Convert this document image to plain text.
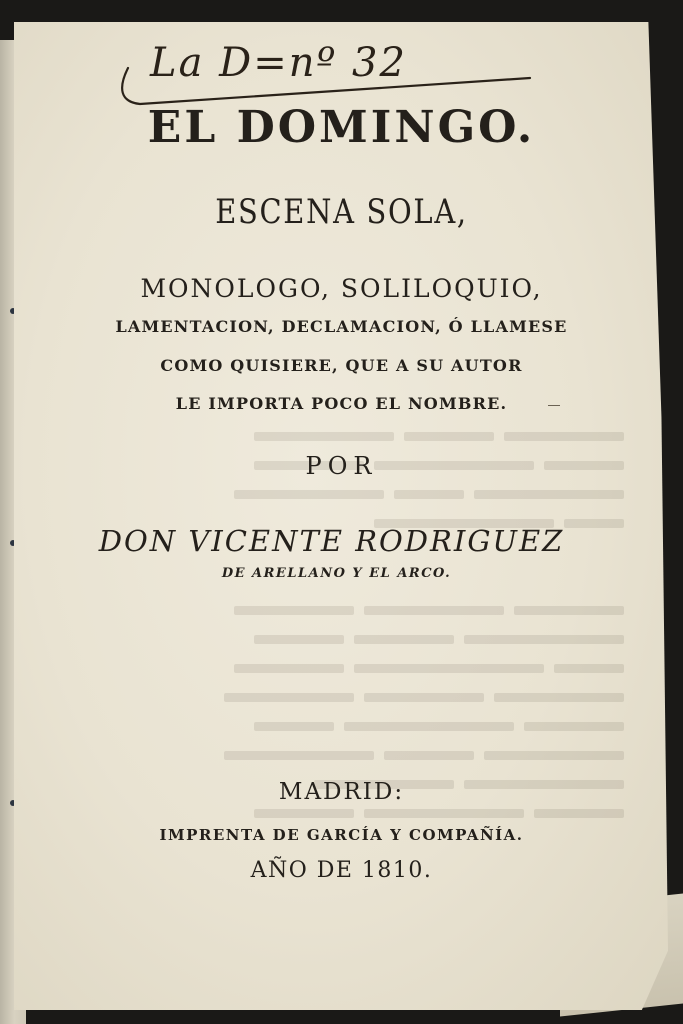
La D=nº 32
EL DOMINGO.
ESCENA SOLA,
MONOLOGO, SOLILOQUIO,
LAMENTACION, DECLAMACION, Ó LLAMESE
COMO QUISIERE, QUE A SU AUTOR
LE IMPORTA POCO EL NOMBRE.
POR
DON VICENTE RODRIGUEZ
DE ARELLANO Y EL ARCO.
MADRID:
IMPRENTA DE GARCÍA Y COMPAÑÍA.
AÑO DE 1810.
